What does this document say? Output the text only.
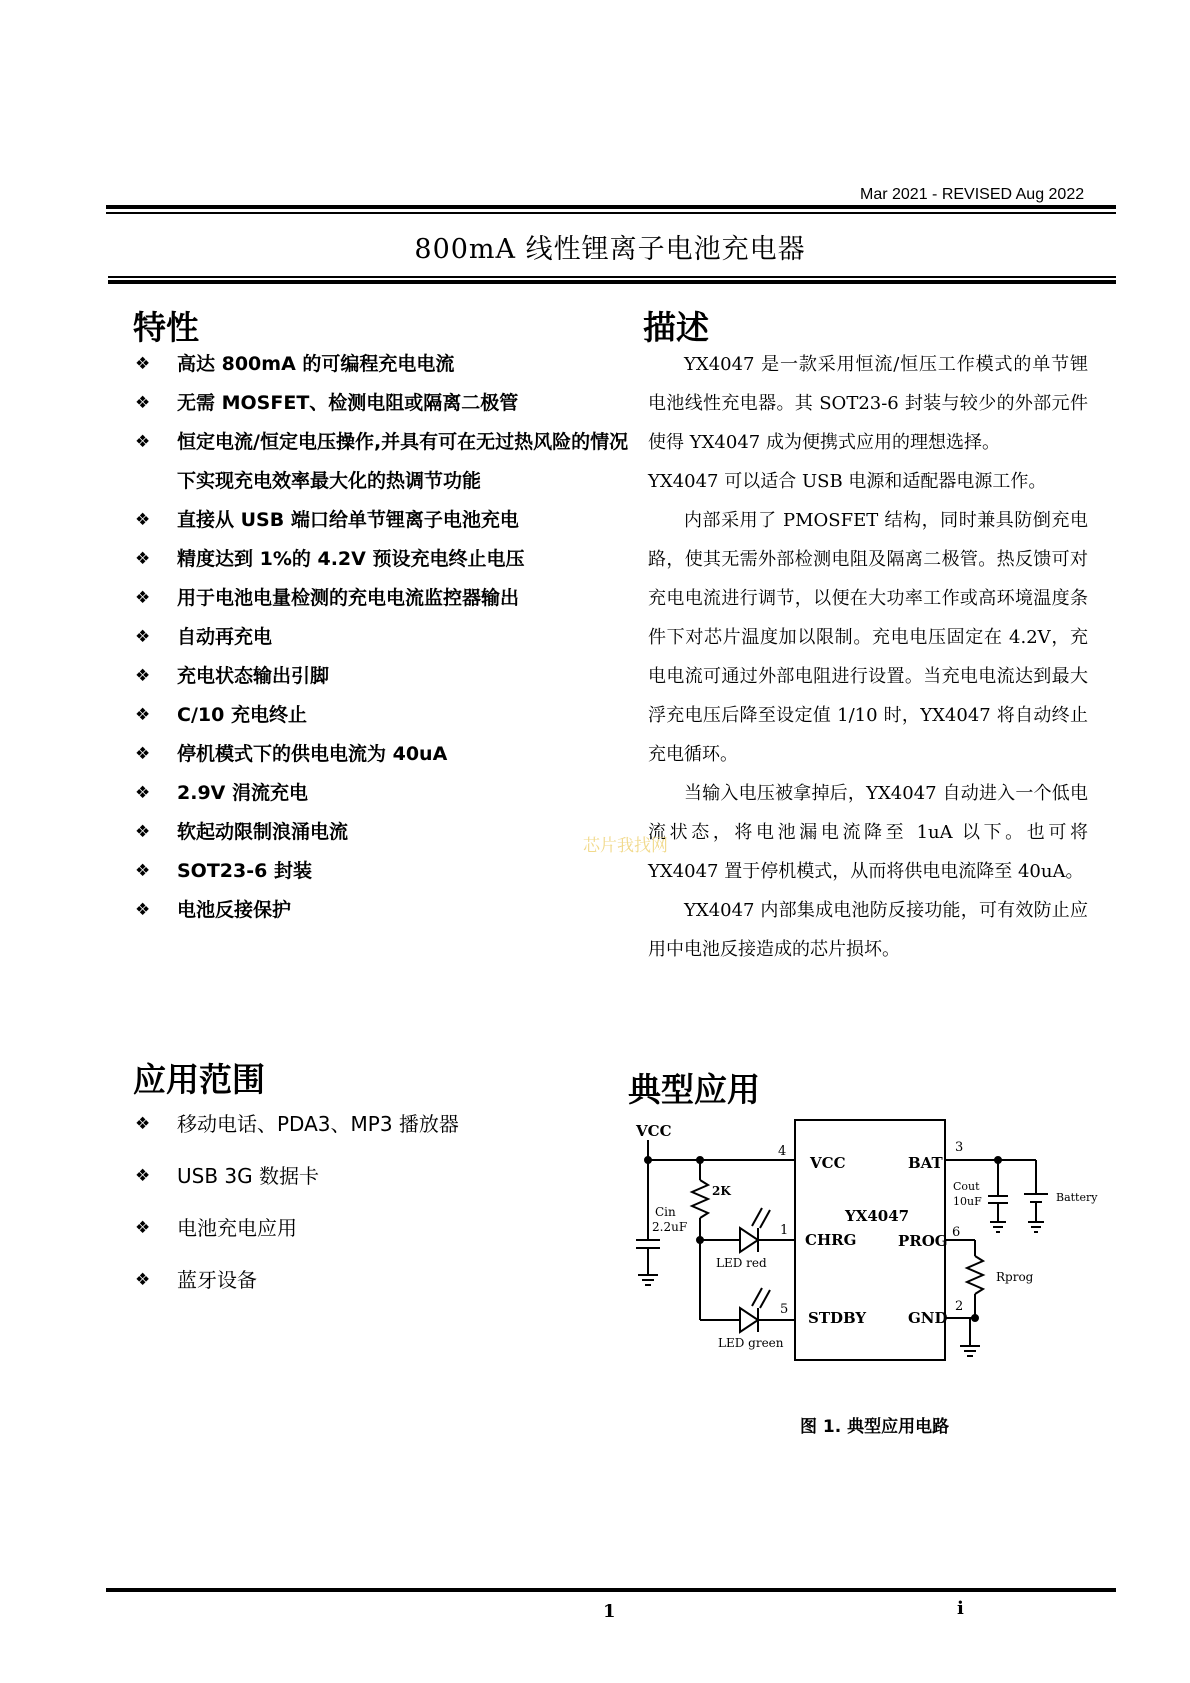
Mar 2021 - REVISED Aug 2022
800mA 线性锂离子电池充电器
特性
❖ 高达 800mA 的可编程充电电流
❖ 无需 MOSFET、检测电阻或隔离二极管
❖ 恒定电流/恒定电压操作,并具有可在无过热风险的情况下实现充电效率最大化的热调节功能
❖ 直接从 USB 端口给单节锂离子电池充电
❖ 精度达到 1%的 4.2V 预设充电终止电压
❖ 用于电池电量检测的充电电流监控器输出
❖ 自动再充电
❖ 充电状态输出引脚
❖ C/10 充电终止
❖ 停机模式下的供电电流为 40uA
❖ 2.9V 涓流充电
❖ 软起动限制浪涌电流
❖ SOT23-6 封装
❖ 电池反接保护
描述

YX4047 是一款采用恒流/恒压工作模式的单节锂电池线性充电器。其 SOT23-6 封装与较少的外部元件使得 YX4047 成为便携式应用的理想选择。

YX4047 可以适合 USB 电源和适配器电源工作。

内部采用了 PMOSFET 结构，同时兼具防倒充电路，使其无需外部检测电阻及隔离二极管。热反馈可对充电电流进行调节，以便在大功率工作或高环境温度条件下对芯片温度加以限制。充电电压固定在 4.2V，充电电流可通过外部电阻进行设置。当充电电流达到最大浮充电压后降至设定值 1/10 时，YX4047 将自动终止充电循环。

当输入电压被拿掉后，YX4047 自动进入一个低电流状态，将电池漏电流降至 1uA 以下。也可将 YX4047 置于停机模式，从而将供电电流降至 40uA。

YX4047 内部集成电池防反接功能，可有效防止应用中电池反接造成的芯片损坏。

芯片我找网
应用范围
❖ 移动电话、PDA3、MP3 播放器
❖ USB 3G 数据卡
❖ 电池充电应用
❖ 蓝牙设备
典型应用
VCC
Cin
2.2uF
2K
LED red
LED green
YX4047
VCC
CHRG
STDBY
BAT
PROG
GND
4
1
5
3
6
2
Cout
10uF	Battery
Rprog
图 1. 典型应用电路
1	i
